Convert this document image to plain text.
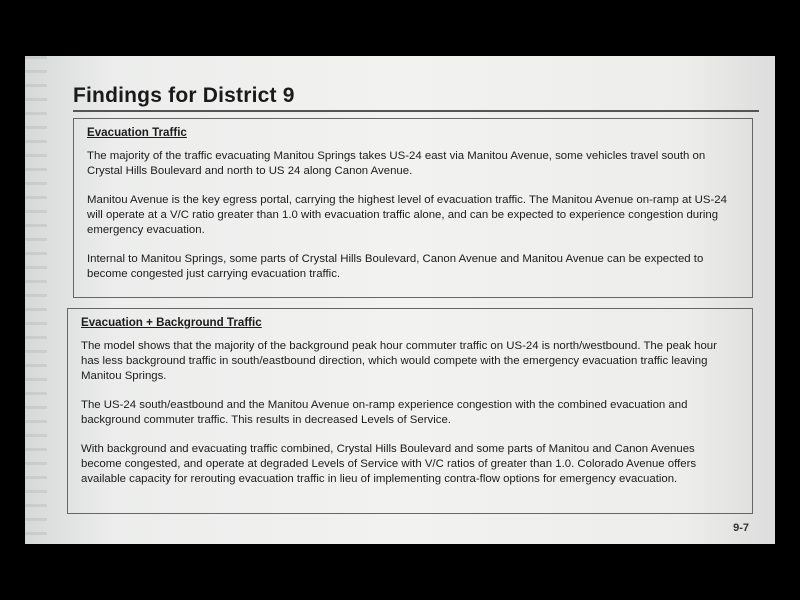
Findings for District 9
Evacuation Traffic

The majority of the traffic evacuating Manitou Springs takes US-24 east via Manitou Avenue, some vehicles travel south on Crystal Hills Boulevard and north to US 24 along Canon Avenue.

Manitou Avenue is the key egress portal, carrying the highest level of evacuation traffic. The Manitou Avenue on-ramp at US-24 will operate at a V/C ratio greater than 1.0 with evacuation traffic alone, and can be expected to experience congestion during emergency evacuation.

Internal to Manitou Springs, some parts of Crystal Hills Boulevard, Canon Avenue and Manitou Avenue can be expected to become congested just carrying evacuation traffic.

Evacuation + Background Traffic

The model shows that the majority of the background peak hour commuter traffic on US-24 is north/westbound. The peak hour has less background traffic in south/eastbound direction, which would compete with the emergency evacuation traffic leaving Manitou Springs.

The US-24 south/eastbound and the Manitou Avenue on-ramp experience congestion with the combined evacuation and background commuter traffic. This results in decreased Levels of Service.

With background and evacuating traffic combined, Crystal Hills Boulevard and some parts of Manitou and Canon Avenues become congested, and operate at degraded Levels of Service with V/C ratios of greater than 1.0. Colorado Avenue offers available capacity for rerouting evacuation traffic in lieu of implementing contra-flow options for emergency evacuation.

9-7
